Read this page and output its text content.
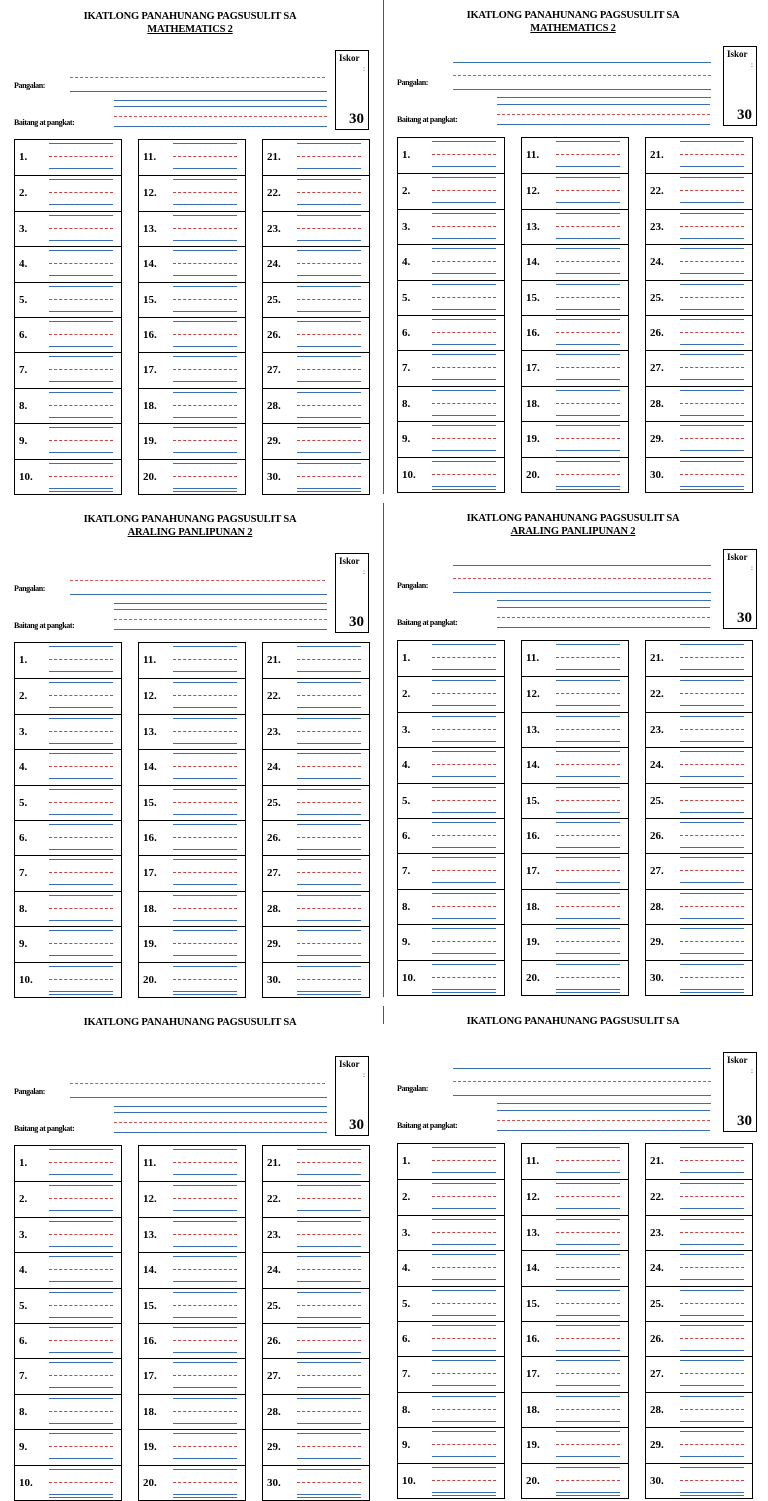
IKATLONG PANAHUNANG PAGSUSULIT SA
MATHEMATICS 2
Pangalan:
Baitang at pangkat:
Iskor
:
30
1.
2.
3.
4.
5.
6.
7.
8.
9.
10.
11.
12.
13.
14.
15.
16.
17.
18.
19.
20.
21.
22.
23.
24.
25.
26.
27.
28.
29.
30.
IKATLONG PANAHUNANG PAGSUSULIT SA
MATHEMATICS 2
Pangalan:
Baitang at pangkat:
Iskor
:
30
1.
2.
3.
4.
5.
6.
7.
8.
9.
10.
11.
12.
13.
14.
15.
16.
17.
18.
19.
20.
21.
22.
23.
24.
25.
26.
27.
28.
29.
30.
IKATLONG PANAHUNANG PAGSUSULIT SA
ARALING PANLIPUNAN 2
Pangalan:
Baitang at pangkat:
Iskor
:
30
1.
2.
3.
4.
5.
6.
7.
8.
9.
10.
11.
12.
13.
14.
15.
16.
17.
18.
19.
20.
21.
22.
23.
24.
25.
26.
27.
28.
29.
30.
IKATLONG PANAHUNANG PAGSUSULIT SA
ARALING PANLIPUNAN 2
Pangalan:
Baitang at pangkat:
Iskor
:
30
1.
2.
3.
4.
5.
6.
7.
8.
9.
10.
11.
12.
13.
14.
15.
16.
17.
18.
19.
20.
21.
22.
23.
24.
25.
26.
27.
28.
29.
30.
IKATLONG PANAHUNANG PAGSUSULIT SA
Pangalan:
Baitang at pangkat:
Iskor
:
30
1.
2.
3.
4.
5.
6.
7.
8.
9.
10.
11.
12.
13.
14.
15.
16.
17.
18.
19.
20.
21.
22.
23.
24.
25.
26.
27.
28.
29.
30.
IKATLONG PANAHUNANG PAGSUSULIT SA
Pangalan:
Baitang at pangkat:
Iskor
:
30
1.
2.
3.
4.
5.
6.
7.
8.
9.
10.
11.
12.
13.
14.
15.
16.
17.
18.
19.
20.
21.
22.
23.
24.
25.
26.
27.
28.
29.
30.
